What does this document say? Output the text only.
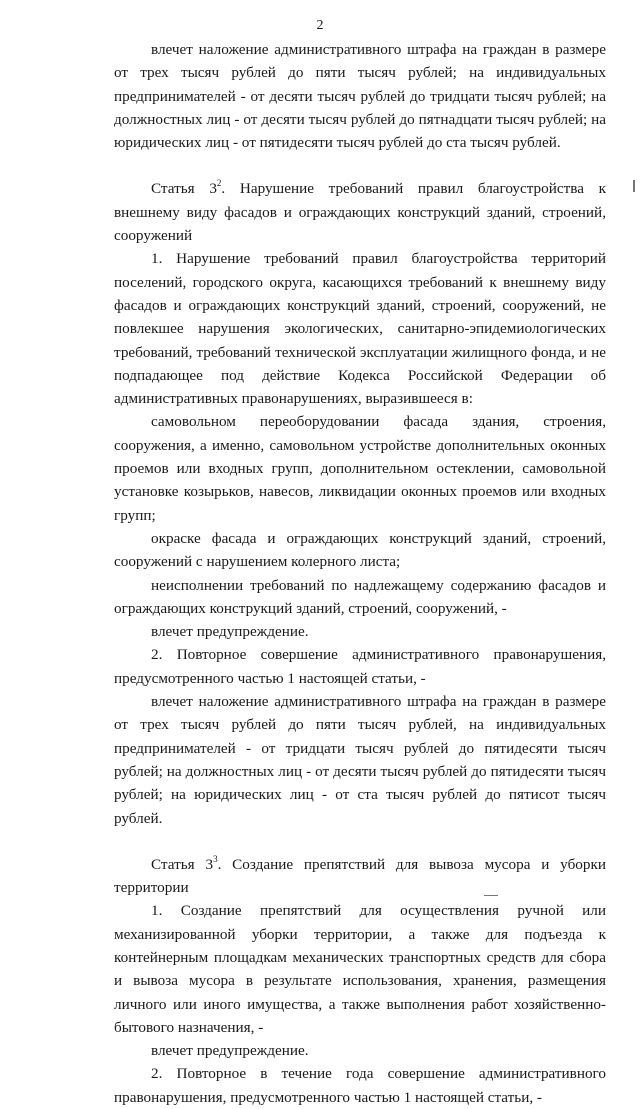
2

влечет наложение административного штрафа на граждан в размере от трех тысяч рублей до пяти тысяч рублей; на индивидуальных предпринимателей - от десяти тысяч рублей до тридцати тысяч рублей; на должностных лиц - от десяти тысяч рублей до пятнадцати тысяч рублей; на юридических лиц - от пятидесяти тысяч рублей до ста тысяч рублей.

Статья $3^2$. Нарушение требований правил благоустройства к внешнему виду фасадов и ограждающих конструкций зданий, строений, сооружений

1. Нарушение требований правил благоустройства территорий поселений, городского округа, касающихся требований к внешнему виду фасадов и ограждающих конструкций зданий, строений, сооружений, не повлекшее нарушения экологических, санитарно-эпидемиологических требований, требований технической эксплуатации жилищного фонда, и не подпадающее под действие Кодекса Российской Федерации об административных правонарушениях, выразившееся в:

самовольном переоборудовании фасада здания, строения, сооружения, а именно, самовольном устройстве дополнительных оконных проемов или входных групп, дополнительном остеклении, самовольной установке козырьков, навесов, ликвидации оконных проемов или входных групп;

окраске фасада и ограждающих конструкций зданий, строений, сооружений с нарушением колерного листа;

неисполнении требований по надлежащему содержанию фасадов и ограждающих конструкций зданий, строений, сооружений, -

влечет предупреждение.

2. Повторное совершение административного правонарушения, предусмотренного частью 1 настоящей статьи, -

влечет наложение административного штрафа на граждан в размере от трех тысяч рублей до пяти тысяч рублей, на индивидуальных предпринимателей - от тридцати тысяч рублей до пятидесяти тысяч рублей; на должностных лиц - от десяти тысяч рублей до пятидесяти тысяч рублей; на юридических лиц - от ста тысяч рублей до пятисот тысяч рублей.

Статья $3^3$. Создание препятствий для вывоза мусора и уборки территории

1. Создание препятствий для осуществления ручной или механизированной уборки территории, а также для подъезда к контейнерным площадкам механических транспортных средств для сбора и вывоза мусора в результате использования, хранения, размещения личного или иного имущества, а также выполнения работ хозяйственно-бытового назначения, -

влечет предупреждение.

2. Повторное в течение года совершение административного правонарушения, предусмотренного частью 1 настоящей статьи, -
